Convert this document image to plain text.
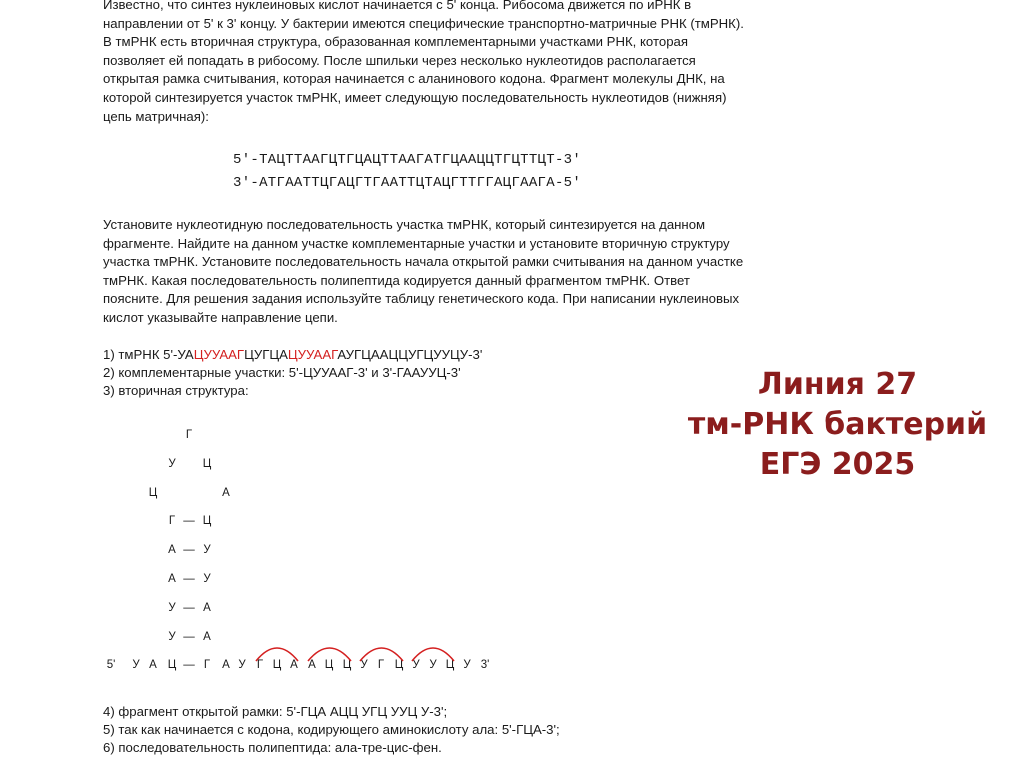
Известно, что синтез нуклеиновых кислот начинается с 5' конца. Рибосома движется по иРНК в
направлении от 5' к 3' концу. У бактерии имеются специфические транспортно-матричные РНК (тмРНК).
В тмРНК есть вторичная структура, образованная комплементарными участками РНК, которая
позволяет ей попадать в рибосому. После шпильки через несколько нуклеотидов располагается
открытая рамка считывания, которая начинается с аланинового кодона. Фрагмент молекулы ДНК, на
которой синтезируется участок тмРНК, имеет следующую последовательность нуклеотидов (нижняя)
цепь матричная):
5'-ТАЦТТААГЦТГЦАЦТТААГАТГЦААЦЦТГЦТТЦТ-3'
3'-АТГААТТЦГАЦГТГААТТЦТАЦГТТГГАЦГААГА-5'
Установите нуклеотидную последовательность участка тмРНК, который синтезируется на данном
фрагменте. Найдите на данном участке комплементарные участки и установите вторичную структуру
участка тмРНК. Установите последовательность начала открытой рамки считывания на данном участке
тмРНК. Какая последовательность полипептида кодируется данный фрагментом тмРНК. Ответ
поясните. Для решения задания используйте таблицу генетического кода. При написании нуклеиновых
кислот указывайте направление цепи.
1) тмРНК 5'-УАЦУУААГЦУГЦАЦУУААГАУГЦААЦЦУГЦУУЦУ-3'
2) комплементарные участки: 5'-ЦУУААГ-3' и 3'-ГААУУЦ-3'
3) вторичная структура:
Г
У Ц
Ц	А
Г — Ц
А — У
А — У
У — А
У — А
5' У А Ц — Г А У Г Ц А А Ц Ц У Г Ц У У Ц У 3'
4) фрагмент открытой рамки: 5'-ГЦА АЦЦ УГЦ УУЦ У-3';
5) так как начинается с кодона, кодирующего аминокислоту ала: 5'-ГЦА-3';
6) последовательность полипептида: ала-тре-цис-фен.
Линия 27
тм-РНК бактерий
ЕГЭ 2025
